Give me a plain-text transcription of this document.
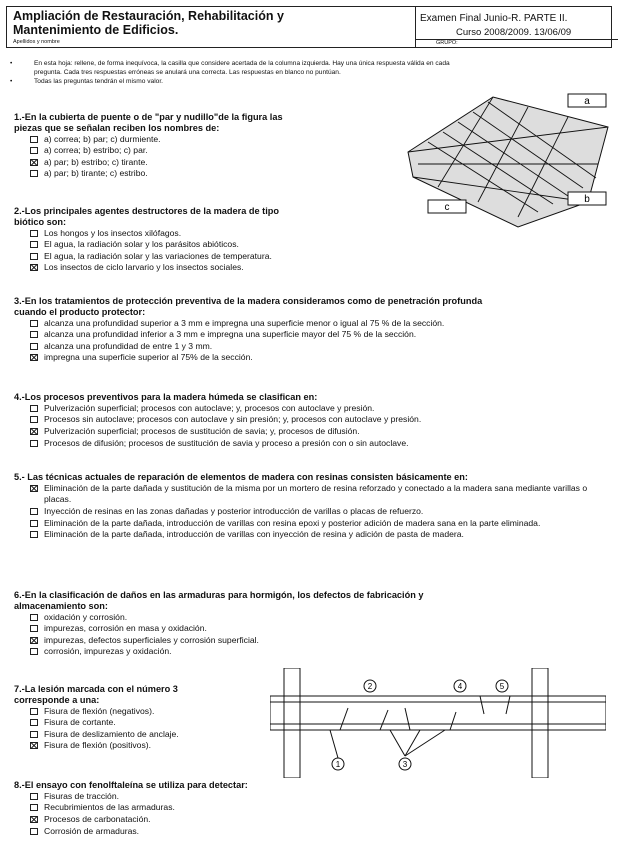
Ampliación de Restauración, Rehabilitación y
Mantenimiento de Edificios.
Apellidos y nombre
Examen Final Junio-R. PARTE II.
Curso 2008/2009. 13/06/09
GRUPO:
•	En esta hoja: rellene, de forma inequívoca, la casilla que considere acertada de la columna izquierda. Hay una única respuesta válida en cada
pregunta. Cada tres respuestas erróneas se anulará una correcta. Las respuestas en blanco no puntúan.
•	Todas las preguntas tendrán el mismo valor.
a
c
b
2	4	5
1	3
1.-En la cubierta de puente o de "par y nudillo"de la figura las
piezas que se señalan reciben los nombres de:
a) correa; b) par; c) durmiente.
a) correa; b) estribo; c) par.
a) par; b) estribo; c) tirante.
a) par; b) tirante; c) estribo.
2.-Los principales agentes destructores de la madera de tipo
biótico son:
Los hongos y los insectos xilófagos.
El agua, la radiación solar y los parásitos abióticos.
El agua, la radiación solar y las variaciones de temperatura.
Los insectos de ciclo larvario y los insectos sociales.
3.-En los tratamientos de protección preventiva de la madera consideramos como de penetración profunda
cuando el producto protector:
alcanza una profundidad superior a 3 mm e impregna una superficie menor o igual al 75 % de la sección.
alcanza una profundidad inferior a 3 mm e impregna una superficie mayor del 75 % de la sección.
alcanza una profundidad de entre 1 y 3 mm.
impregna una superficie superior al 75% de la sección.
4.-Los procesos preventivos para la madera húmeda se clasifican en:
Pulverización superficial; procesos con autoclave; y, procesos con autoclave y presión.
Procesos sin autoclave; procesos con autoclave y sin presión; y, procesos con autoclave y presión.
Pulverización superficial; procesos de sustitución de savia; y, procesos de difusión.
Procesos de difusión; procesos de sustitución de savia y proceso a presión con o sin autoclave.
5.- Las técnicas actuales de reparación de elementos de madera con resinas consisten básicamente en:
Eliminación de la parte dañada y sustitución de la misma por un mortero de resina reforzado y conectado a la madera sana mediante varillas o placas.
Inyección de resinas en las zonas dañadas y posterior introducción de varillas o placas de refuerzo.
Eliminación de la parte dañada, introducción de varillas con resina epoxi y posterior adición de madera sana en la parte eliminada.
Eliminación de la parte dañada, introducción de varillas con inyección de resina y adición de pasta de madera.
6.-En la clasificación de daños en las armaduras para hormigón, los defectos de fabricación y
almacenamiento son:
oxidación y corrosión.
impurezas, corrosión en masa y oxidación.
impurezas, defectos superficiales y corrosión superficial.
corrosión, impurezas y oxidación.
7.-La lesión marcada con el número 3
corresponde a una:
Fisura de flexión (negativos).
Fisura de cortante.
Fisura de deslizamiento de anclaje.
Fisura de flexión (positivos).
8.-El ensayo con fenolftaleína se utiliza para detectar:
Fisuras de tracción.
Recubrimientos de las armaduras.
Procesos de carbonatación.
Corrosión de armaduras.
